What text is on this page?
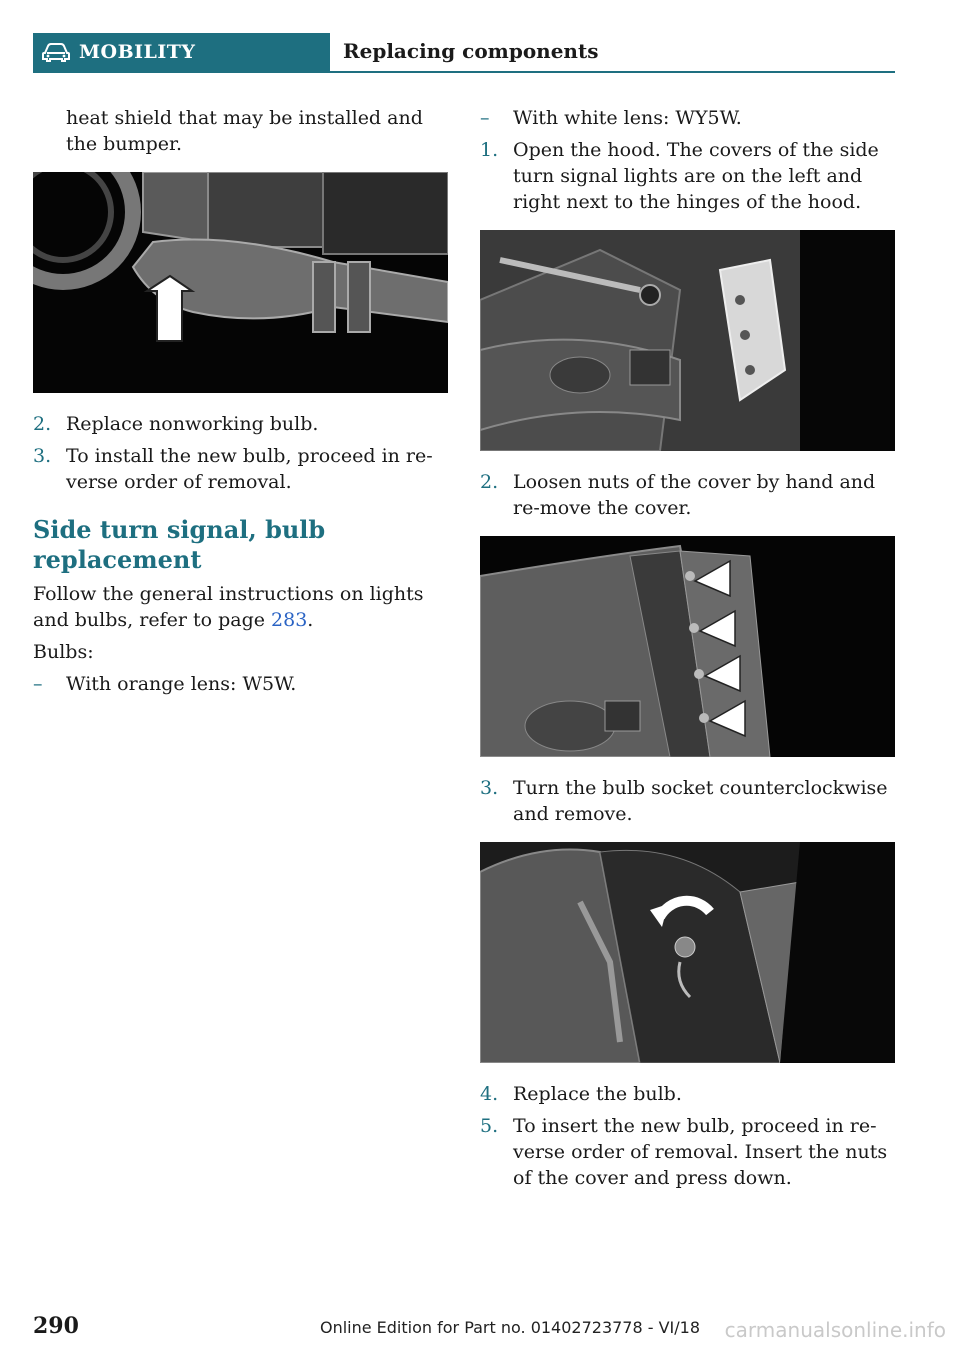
MOBILITY	Replacing components

heat shield that may be installed and the bumper.

2. Replace nonworking bulb.
3. To install the new bulb, proceed in re-verse order of removal.
Side turn signal, bulb replacement

Follow the general instructions on lights and bulbs, refer to page 283.

Bulbs:

–	With orange lens: W5W.
–	With white lens: WY5W.
1. Open the hood. The covers of the side turn signal lights are on the left and right next to the hinges of the hood.
2. Loosen nuts of the cover by hand and re-move the cover.
3. Turn the bulb socket counterclockwise and remove.
4. Replace the bulb.
5. To insert the new bulb, proceed in re-verse order of removal. Insert the nuts of the cover and press down.
290	Online Edition for Part no. 01402723778 - VI/18	carmanualsonline.info
